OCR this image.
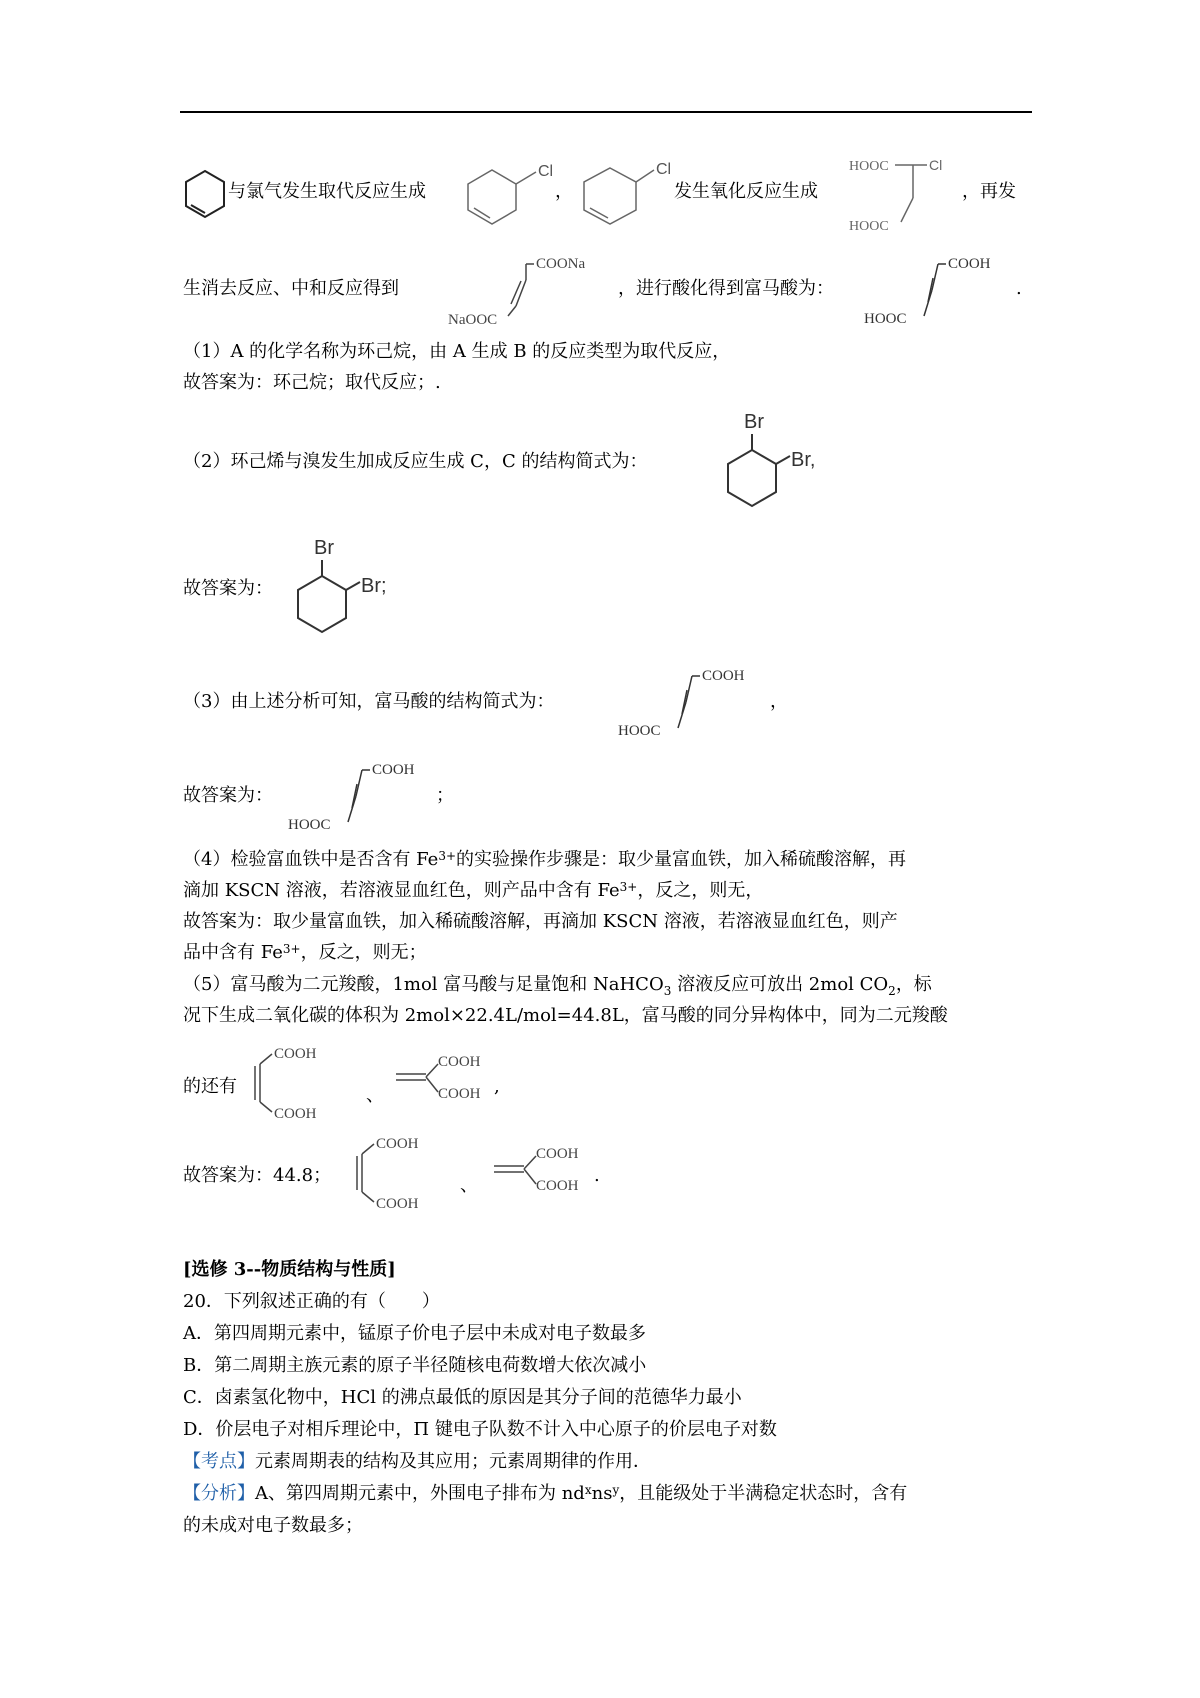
与氯气发生取代反应生成
Cl
，
Cl
发生氧化反应生成
HOOC	Cl
HOOC
，再发
生消去反应、中和反应得到
COONa
NaOOC
，进行酸化得到富马酸为：
COOH
HOOC
.
（1）A 的化学名称为环己烷，由 A 生成 B 的反应类型为取代反应，
故答案为：环己烷；取代反应；.
（2）环己烯与溴发生加成反应生成 C，C 的结构简式为：
Br
Br,
故答案为：
Br
Br;
（3）由上述分析可知，富马酸的结构简式为：
COOH
HOOC
，
故答案为：
COOH
HOOC
；
（4）检验富血铁中是否含有 $Fe^{3+}$的实验操作步骤是：取少量富血铁，加入稀硫酸溶解，再
滴加 KSCN 溶液，若溶液显血红色，则产品中含有 $Fe^{3+}$，反之，则无，
故答案为：取少量富血铁，加入稀硫酸溶解，再滴加 KSCN 溶液，若溶液显血红色，则产
品中含有 $Fe^{3+}$，反之，则无；
（5）富马酸为二元羧酸，1mol 富马酸与足量饱和 NaHCO$_3$ 溶液反应可放出 2mol $CO_2$，标
况下生成二氧化碳的体积为 2mol×22.4L/mol=44.8L，富马酸的同分异构体中，同为二元羧酸
的还有
COOH
COOH
、
COOH
COOH ,
故答案为：44.8；
COOH
COOH
、
COOH
COOH .
[选修 3--物质结构与性质]
20．下列叙述正确的有（　　）
A．第四周期元素中，锰原子价电子层中未成对电子数最多
B．第二周期主族元素的原子半径随核电荷数增大依次减小
C．卤素氢化物中，HCl 的沸点最低的原因是其分子间的范德华力最小
D．价层电子对相斥理论中，Π 键电子队数不计入中心原子的价层电子对数
【考点】元素周期表的结构及其应用；元素周期律的作用．
【分析】A、第四周期元素中，外围电子排布为 $nd^xns^y$，且能级处于半满稳定状态时，含有
的未成对电子数最多；
